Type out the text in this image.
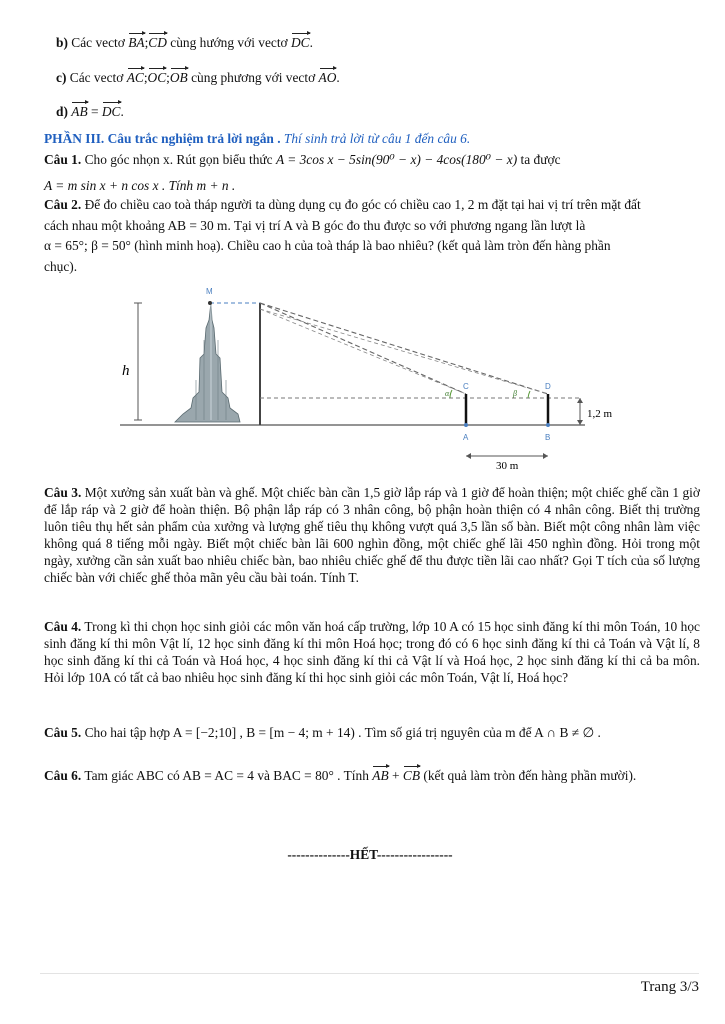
b) Các vectơ BA;CD cùng hướng với vectơ DC.
c) Các vectơ AC;OC;OB cùng phương với vectơ AO.
d) AB = DC.
PHẦN III. Câu trắc nghiệm trả lời ngắn . Thí sinh trả lời từ câu 1 đến câu 6.
Câu 1. Cho góc nhọn x. Rút gọn biểu thức A = 3cos x − 5sin(90⁰ − x) − 4cos(180⁰ − x) ta được
A = m sin x + n cos x . Tính m + n .
Câu 2. Để đo chiều cao toà tháp người ta dùng dụng cụ đo góc có chiều cao 1, 2 m đặt tại hai vị trí trên mặt đất
cách nhau một khoảng AB = 30 m. Tại vị trí A và B góc đo thu được so với phương ngang lần lượt là
α = 65°; β = 50° (hình minh hoạ). Chiều cao h của toà tháp là bao nhiêu? (kết quả làm tròn đến hàng phần
chục).
M
h
α	β
C	D
A	B
1,2 m
30 m
Câu 3. Một xưởng sản xuất bàn và ghế. Một chiếc bàn cần 1,5 giờ lắp ráp và 1 giờ để hoàn thiện; một chiếc ghế cần 1 giờ để lắp ráp và 2 giờ để hoàn thiện. Bộ phận lắp ráp có 3 nhân công, bộ phận hoàn thiện có 4 nhân công. Biết thị trường luôn tiêu thụ hết sản phẩm của xưởng và lượng ghế tiêu thụ không vượt quá 3,5 lần số bàn. Biết một công nhân làm việc không quá 8 tiếng mỗi ngày. Biết một chiếc bàn lãi 600 nghìn đồng, một chiếc ghế lãi 450 nghìn đồng. Hỏi trong một ngày, xưởng cần sản xuất bao nhiêu chiếc bàn, bao nhiêu chiếc ghế để thu được tiền lãi cao nhất? Gọi T tích của số lượng chiếc bàn với chiếc ghế thỏa mãn yêu cầu bài toán. Tính T.
Câu 4. Trong kì thi chọn học sinh giỏi các môn văn hoá cấp trường, lớp 10 A có 15 học sinh đăng kí thi môn Toán, 10 học sinh đăng kí thi môn Vật lí, 12 học sinh đăng kí thi môn Hoá học; trong đó có 6 học sinh đăng kí thi cả Toán và Vật lí, 8 học sinh đăng kí thi cả Toán và Hoá học, 4 học sinh đăng kí thi cả Vật lí và Hoá học, 2 học sinh đăng kí thi cả ba môn. Hỏi lớp 10A có tất cả bao nhiêu học sinh đăng kí thi học sinh giỏi các môn Toán, Vật lí, Hoá học?
Câu 5. Cho hai tập hợp A = [−2;10] , B = [m − 4; m + 14) . Tìm số giá trị nguyên của m để A ∩ B ≠ ∅ .
Câu 6. Tam giác ABC có AB = AC = 4 và BAC = 80° . Tính AB + CB (kết quả làm tròn đến hàng phần mười).
--------------HẾT-----------------
Trang 3/3
